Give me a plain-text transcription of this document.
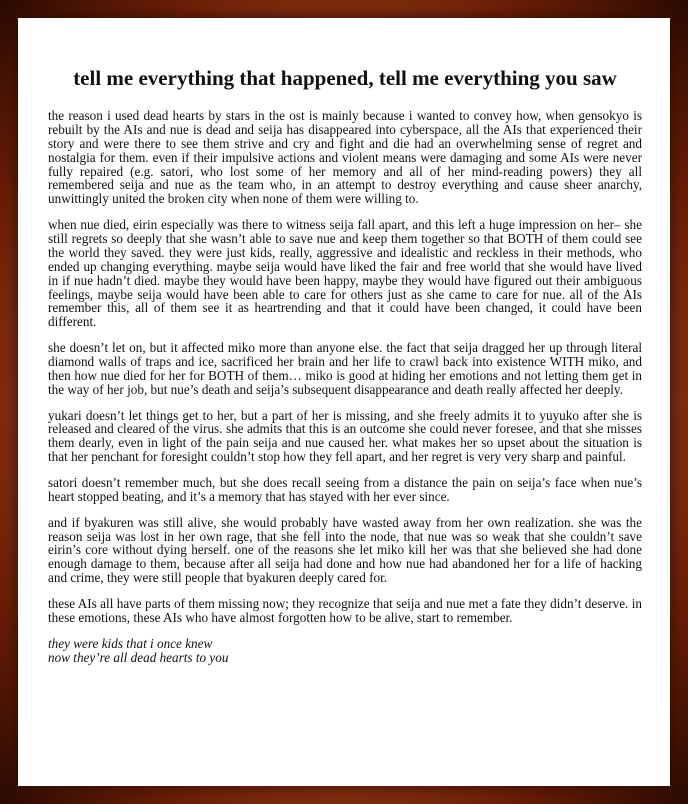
tell me everything that happened, tell me everything you saw

the reason i used dead hearts by stars in the ost is mainly because i wanted to convey how, when gensokyo is rebuilt by the AIs and nue is dead and seija has disappeared into cyberspace, all the AIs that experienced their story and were there to see them strive and cry and fight and die had an overwhelming sense of regret and nostalgia for them. even if their impulsive actions and violent means were damaging and some AIs were never fully repaired (e.g. satori, who lost some of her memory and all of her mind-reading powers) they all remembered seija and nue as the team who, in an attempt to destroy everything and cause sheer anarchy, unwittingly united the broken city when none of them were willing to.

when nue died, eirin especially was there to witness seija fall apart, and this left a huge impression on her– she still regrets so deeply that she wasn’t able to save nue and keep them together so that BOTH of them could see the world they saved. they were just kids, really, aggressive and idealistic and reckless in their methods, who ended up changing everything. maybe seija would have liked the fair and free world that she would have lived in if nue hadn’t died. maybe they would have been happy, maybe they would have figured out their ambiguous feelings, maybe seija would have been able to care for others just as she came to care for nue. all of the AIs remember this, all of them see it as heartrending and that it could have been changed, it could have been different.

she doesn’t let on, but it affected miko more than anyone else. the fact that seija dragged her up through literal diamond walls of traps and ice, sacrificed her brain and her life to crawl back into existence WITH miko, and then how nue died for her for BOTH of them… miko is good at hiding her emotions and not letting them get in the way of her job, but nue’s death and seija’s subsequent disappearance and death really affected her deeply.

yukari doesn’t let things get to her, but a part of her is missing, and she freely admits it to yuyuko after she is released and cleared of the virus. she admits that this is an outcome she could never foresee, and that she misses them dearly, even in light of the pain seija and nue caused her. what makes her so upset about the situation is that her penchant for foresight couldn’t stop how they fell apart, and her regret is very very sharp and painful.

satori doesn’t remember much, but she does recall seeing from a distance the pain on seija’s face when nue’s heart stopped beating, and it’s a memory that has stayed with her ever since.

and if byakuren was still alive, she would probably have wasted away from her own realization. she was the reason seija was lost in her own rage, that she fell into the node, that nue was so weak that she couldn’t save eirin’s core without dying herself. one of the reasons she let miko kill her was that she believed she had done enough damage to them, because after all seija had done and how nue had abandoned her for a life of hacking and crime, they were still people that byakuren deeply cared for.

these AIs all have parts of them missing now; they recognize that seija and nue met a fate they didn’t deserve. in these emotions, these AIs who have almost forgotten how to be alive, start to remember.

they were kids that i once knew

now they’re all dead hearts to you
